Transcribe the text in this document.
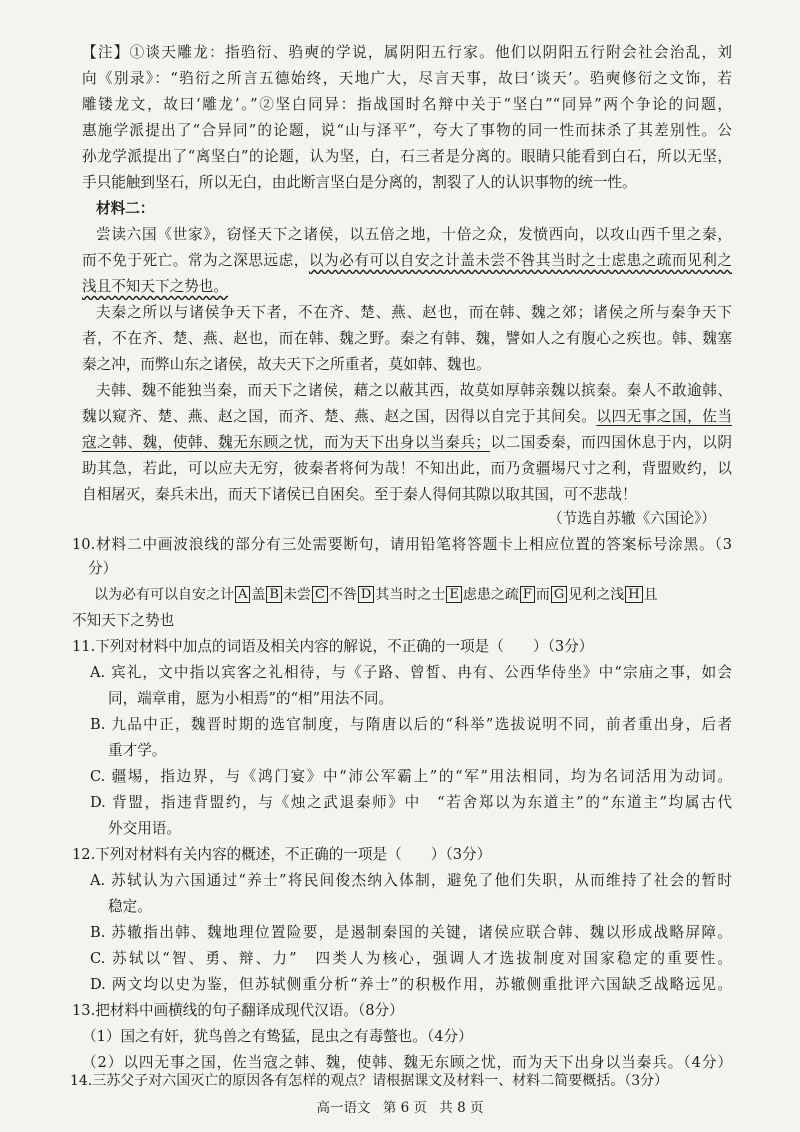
【注】①谈天雕龙：指驺衍、驺奭的学说，属阴阳五行家。他们以阴阳五行附会社会治乱，刘
向《别录》：“驺衍之所言五德始终，天地广大，尽言天事，故曰‘谈天’。驺奭修衍之文饰，若
雕镂龙文，故曰‘雕龙’。”②坚白同异：指战国时名辩中关于“坚白”“同异”两个争论的问题，
惠施学派提出了“合异同”的论题，说“山与泽平”，夸大了事物的同一性而抹杀了其差别性。公
孙龙学派提出了“离坚白”的论题，认为坚，白，石三者是分离的。眼睛只能看到白石，所以无坚，
手只能触到坚石，所以无白，由此断言坚白是分离的，割裂了人的认识事物的统一性。
材料二：
尝读六国《世家》，窃怪天下之诸侯，以五倍之地，十倍之众，发愤西向，以攻山西千里之秦，
而不免于死亡。常为之深思远虑，以为必有可以自安之计盖未尝不咎其当时之士虑患之疏而见利之
浅且不知天下之势也。
夫秦之所以与诸侯争天下者，不在齐、楚、燕、赵也，而在韩、魏之郊；诸侯之所与秦争天下
者，不在齐、楚、燕、赵也，而在韩、魏之野。秦之有韩、魏，譬如人之有腹心之疾也。韩、魏塞
秦之冲，而弊山东之诸侯，故夫天下之所重者，莫如韩、魏也。
夫韩、魏不能独当秦，而天下之诸侯，藉之以蔽其西，故莫如厚韩亲魏以摈秦。秦人不敢逾韩、
魏以窥齐、楚、燕、赵之国，而齐、楚、燕、赵之国，因得以自完于其间矣。以四无事之国，佐当
寇之韩、魏，使韩、魏无东顾之忧，而为天下出身以当秦兵；以二国委秦，而四国休息于内，以阴
助其急，若此，可以应夫无穷，彼秦者将何为哉！不知出此，而乃贪疆埸尺寸之利，背盟败约，以
自相屠灭，秦兵未出，而天下诸侯已自困矣。至于秦人得伺其隙以取其国，可不悲哉！
（节选自苏辙《六国论》）
10.材料二中画波浪线的部分有三处需要断句，请用铅笔将答题卡上相应位置的答案标号涂黑。（3
分）
以为必有可以自安之计 A 盖 B 未尝 C 不咎 D 其当时之士 E 虑患之疏 F 而 G 见利之浅 H 且
不知天下之势也
11.下列对材料中加点的词语及相关内容的解说，不正确的一项是（　　）（3分）
A. 宾礼，文中指以宾客之礼相待，与《子路、曾皙、冉有、公西华侍坐》中“宗庙之事，如会
同，端章甫，愿为小相焉”的“相”用法不同。
B. 九品中正，魏晋时期的选官制度，与隋唐以后的“科举”选拔说明不同，前者重出身，后者
重才学。
C. 疆埸，指边界，与《鸿门宴》中“沛公军霸上”的“军”用法相同，均为名词活用为动词。
D. 背盟，指违背盟约，与《烛之武退秦师》中　“若舍郑以为东道主”的“东道主”均属古代
外交用语。
12.下列对材料有关内容的概述，不正确的一项是（　　）（3分）
A. 苏轼认为六国通过“养士”将民间俊杰纳入体制，避免了他们失职，从而维持了社会的暂时
稳定。
B. 苏辙指出韩、魏地理位置险要，是遏制秦国的关键，诸侯应联合韩、魏以形成战略屏障。
C. 苏轼以“智、勇、辩、力”　四类人为核心，强调人才选拔制度对国家稳定的重要性。
D. 两文均以史为鉴，但苏轼侧重分析“养士”的积极作用，苏辙侧重批评六国缺乏战略远见。
13.把材料中画横线的句子翻译成现代汉语。（8分）
（1）国之有奸，犹鸟兽之有鸷猛，昆虫之有毒螫也。（4分）
（2）以四无事之国，佐当寇之韩、魏，使韩、魏无东顾之忧，而为天下出身以当秦兵。（4分）
14.三苏父子对六国灭亡的原因各有怎样的观点？请根据课文及材料一、材料二简要概括。（3分）
高一语文 第 6 页 共 8 页
